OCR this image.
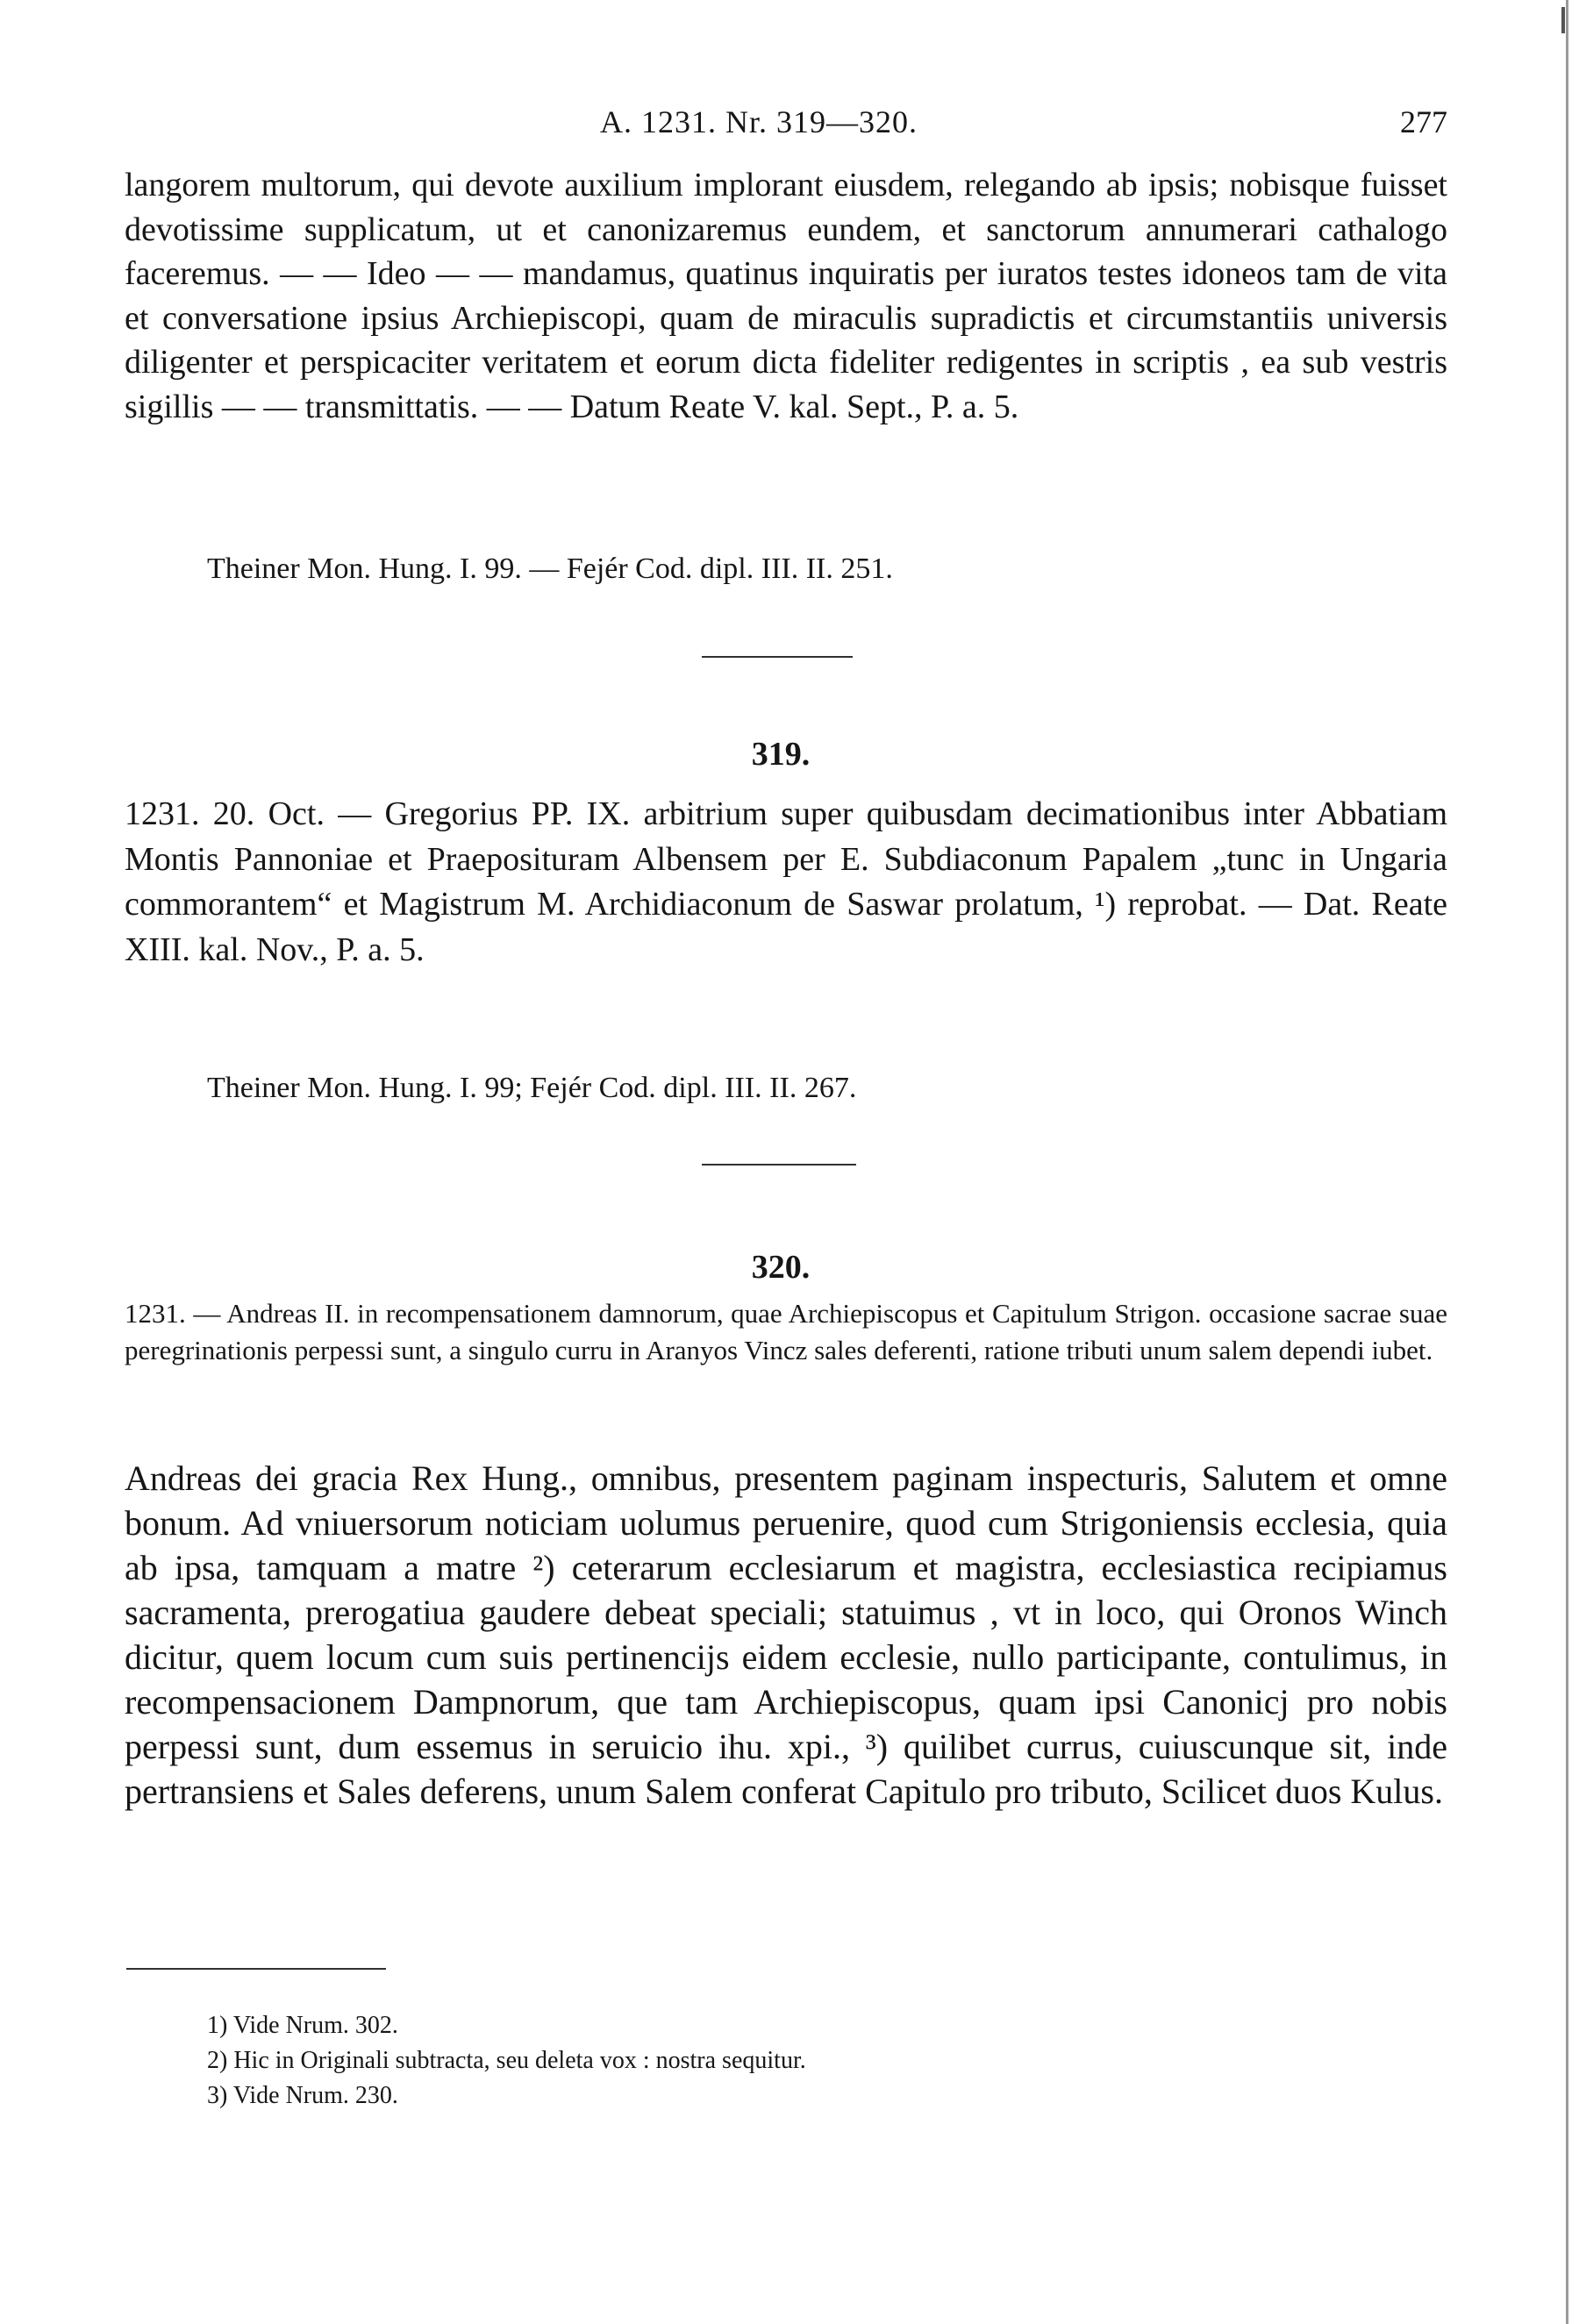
A. 1231. Nr. 319—320.	277

langorem multorum, qui devote auxilium implorant eiusdem, relegando ab ipsis; nobisque fuisset devotissime supplicatum, ut et canonizaremus eundem, et sanctorum annumerari cathalogo faceremus. — — Ideo — — mandamus, quatinus inquiratis per iuratos testes idoneos tam de vita et conversatione ipsius Archiepiscopi, quam de miraculis supradictis et circumstantiis universis diligenter et perspicaciter veritatem et eorum dicta fideliter redigentes in scriptis , ea sub vestris sigillis — — transmittatis. — — Datum Reate V. kal. Sept., P. a. 5.

Theiner Mon. Hung. I. 99. — Fejér Cod. dipl. III. II. 251.

319.

1231. 20. Oct. — Gregorius PP. IX. arbitrium super quibusdam decimationibus inter Abbatiam Montis Pannoniae et Praeposituram Albensem per E. Subdiaconum Papalem „tunc in Ungaria commorantem“ et Magistrum M. Archidiaconum de Saswar prolatum, ¹) reprobat. — Dat. Reate XIII. kal. Nov., P. a. 5.

Theiner Mon. Hung. I. 99; Fejér Cod. dipl. III. II. 267.

320.

1231. — Andreas II. in recompensationem damnorum, quae Archiepiscopus et Capitulum Strigon. occasione sacrae suae peregrinationis perpessi sunt, a singulo curru in Aranyos Vincz sales deferenti, ratione tributi unum salem dependi iubet.

Andreas dei gracia Rex Hung., omnibus, presentem paginam inspecturis, Salutem et omne bonum. Ad vniuersorum noticiam uolumus peruenire, quod cum Strigoniensis ecclesia, quia ab ipsa, tamquam a matre ²) ceterarum ecclesiarum et magistra, ecclesiastica recipiamus sacramenta, prerogatiua gaudere debeat speciali; statuimus , vt in loco, qui Oronos Winch dicitur, quem locum cum suis pertinencijs eidem ecclesie, nullo participante, contulimus, in recompensacionem Dampnorum, que tam Archiepiscopus, quam ipsi Canonicj pro nobis perpessi sunt, dum essemus in seruicio ihu. xpi., ³) quilibet currus, cuiuscunque sit, inde pertransiens et Sales deferens, unum Salem conferat Capitulo pro tributo, Scilicet duos Kulus.

1) Vide Nrum. 302.
2) Hic in Originali subtracta, seu deleta vox : nostra sequitur.
3) Vide Nrum. 230.
